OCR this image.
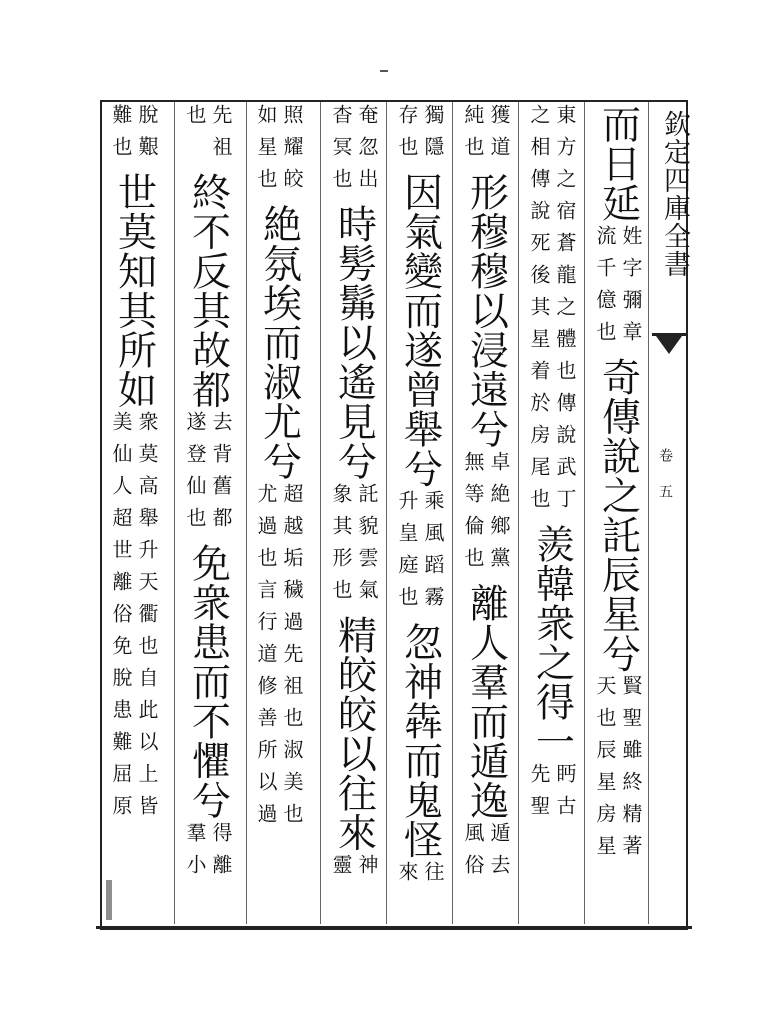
欽定四庫全書
卷五
而日延
姓字彌章
流千億也
奇傳說之託辰星兮
賢聖雖終精著
天也辰星房星
東方之宿蒼龍之體也傳說武丁
之相傳說死後其星着於房尾也
羨韓衆之得一
眄古
先聖
獲道
純也
形穆穆以浸遠兮
卓絶鄉黨
無等倫也
離人羣而遁逸
遁去
風俗
獨隱
存也
因氣變而遂曾舉兮
乘風蹈霧
升皇庭也
忽神犇而鬼怪
往
來
奄忽出
杳冥也
時髣髴以遙見兮
託貌雲氣
象其形也
精皎皎以往來
神
靈
照耀皎
如星也
絶氛埃而淑尤兮
超越垢穢過先祖也淑美也
尤過也言行道修善所以過
先祖
也
終不反其故都
去背舊都
遂登仙也
免衆患而不懼兮
得離
羣小
脫艱
難也
世莫知其所如
衆莫高舉升天衢也自此以上皆
美仙人超世離俗免脫患難屈原
